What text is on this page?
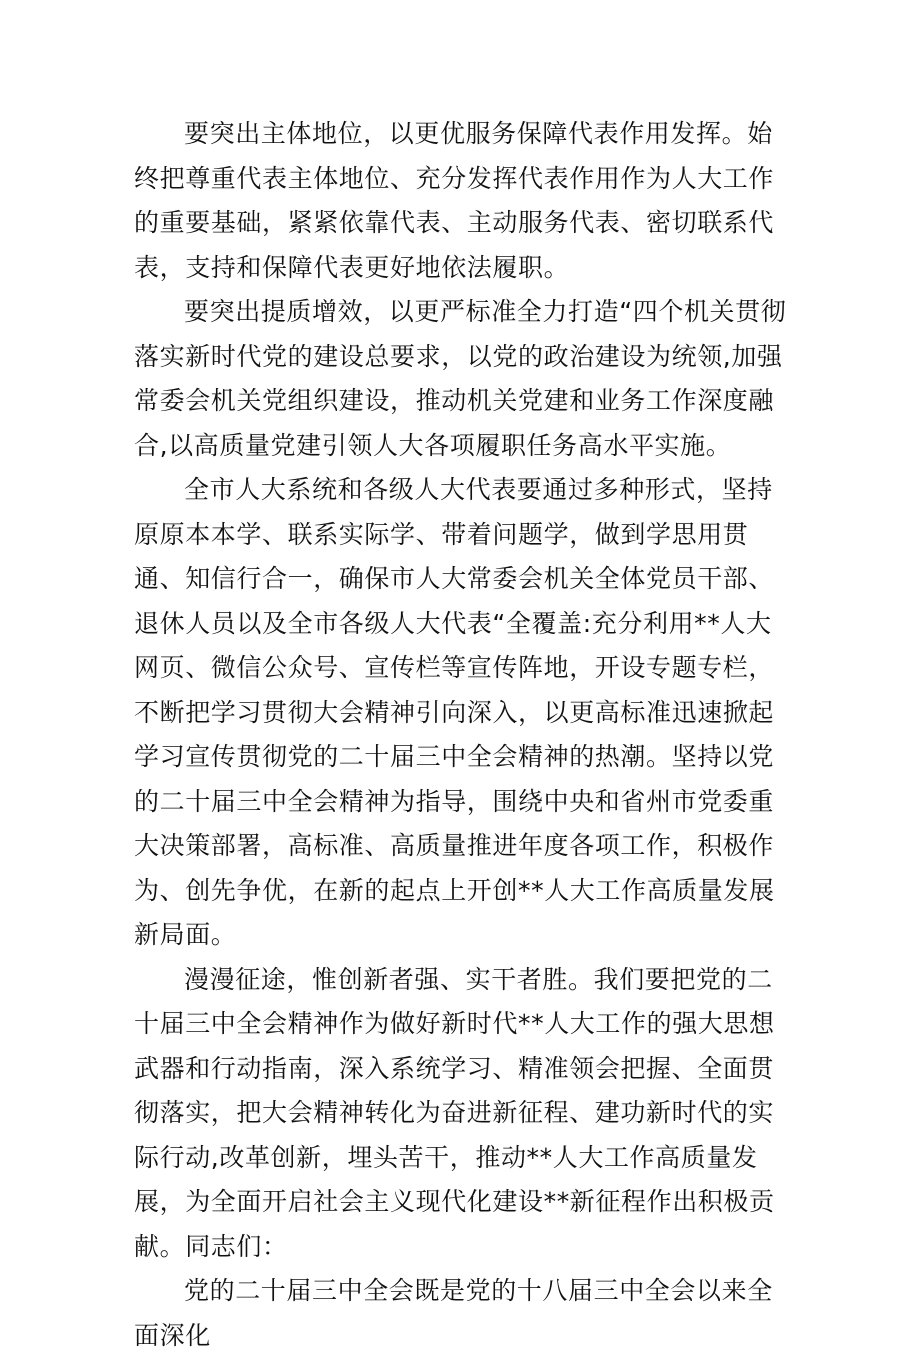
要突出主体地位，以更优服务保障代表作用发挥。始终把尊重代表主体地位、充分发挥代表作用作为人大工作的重要基础，紧紧依靠代表、主动服务代表、密切联系代表，支持和保障代表更好地依法履职。

要突出提质增效，以更严标准全力打造“四个机关贯彻落实新时代党的建设总要求，以党的政治建设为统领,加强常委会机关党组织建设，推动机关党建和业务工作深度融合,以高质量党建引领人大各项履职任务高水平实施。

全市人大系统和各级人大代表要通过多种形式，坚持原原本本学、联系实际学、带着问题学，做到学思用贯通、知信行合一，确保市人大常委会机关全体党员干部、退休人员以及全市各级人大代表“全覆盖:充分利用**人大网页、微信公众号、宣传栏等宣传阵地，开设专题专栏，不断把学习贯彻大会精神引向深入，以更高标准迅速掀起学习宣传贯彻党的二十届三中全会精神的热潮。坚持以党的二十届三中全会精神为指导，围绕中央和省州市党委重大决策部署，高标准、高质量推进年度各项工作，积极作为、创先争优，在新的起点上开创**人大工作高质量发展新局面。

漫漫征途，惟创新者强、实干者胜。我们要把党的二十届三中全会精神作为做好新时代**人大工作的强大思想武器和行动指南，深入系统学习、精准领会把握、全面贯彻落实，把大会精神转化为奋进新征程、建功新时代的实际行动,改革创新，埋头苦干，推动**人大工作高质量发展，为全面开启社会主义现代化建设**新征程作出积极贡献。同志们：

党的二十届三中全会既是党的十八届三中全会以来全面深化
